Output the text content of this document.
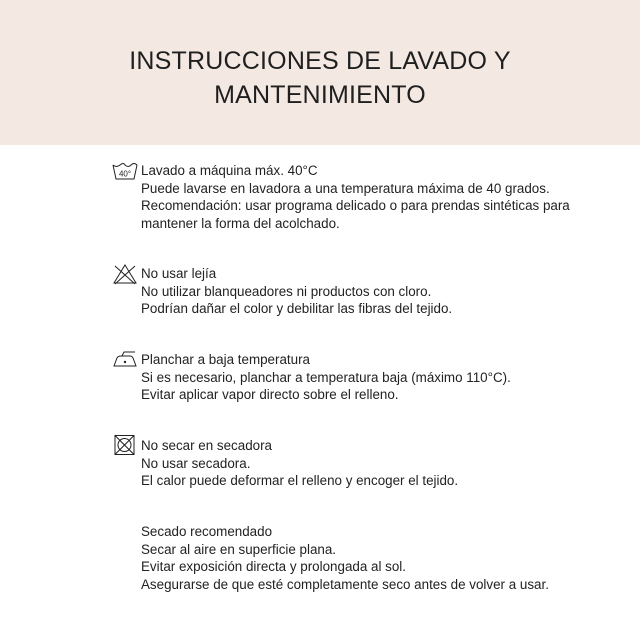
INSTRUCCIONES DE LAVADO Y
MANTENIMIENTO
40° Lavado a máquina máx. 40°C
Puede lavarse en lavadora a una temperatura máxima de 40 grados.
Recomendación: usar programa delicado o para prendas sintéticas para
mantener la forma del acolchado.
No usar lejía
No utilizar blanqueadores ni productos con cloro.
Podrían dañar el color y debilitar las fibras del tejido.
Planchar a baja temperatura
Si es necesario, planchar a temperatura baja (máximo 110°C).
Evitar aplicar vapor directo sobre el relleno.
No secar en secadora
No usar secadora.
El calor puede deformar el relleno y encoger el tejido.
Secado recomendado
Secar al aire en superficie plana.
Evitar exposición directa y prolongada al sol.
Asegurarse de que esté completamente seco antes de volver a usar.
